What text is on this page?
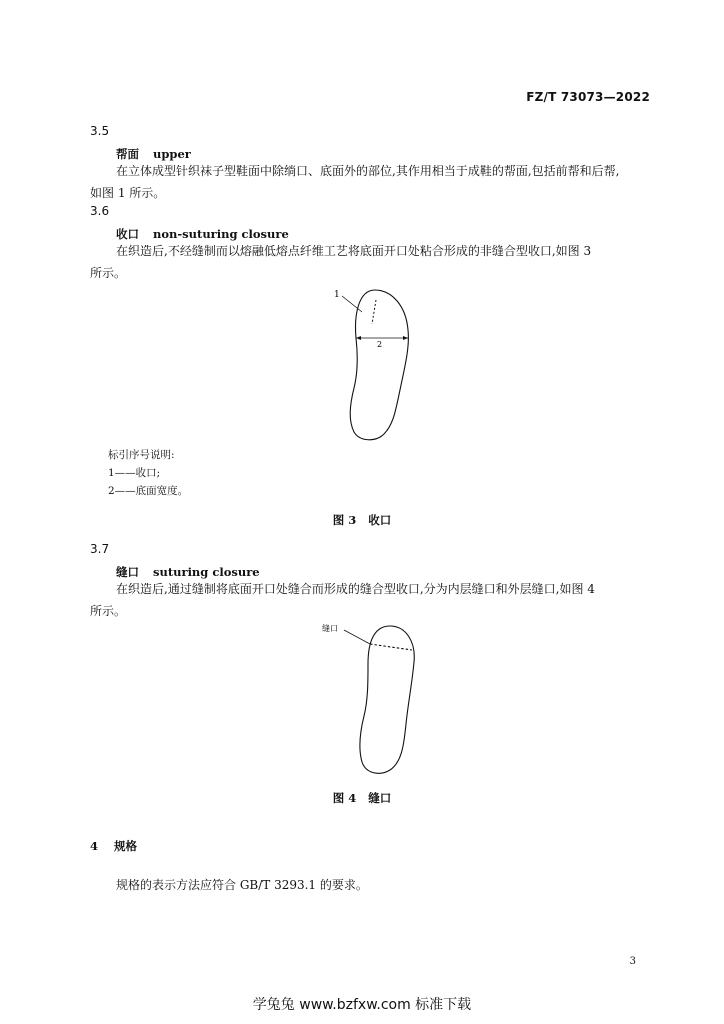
FZ/T 73073—2022
3.5
帮面 upper
在立体成型针织袜子型鞋面中除绱口、底面外的部位,其作用相当于成鞋的帮面,包括前帮和后帮,
如图 1 所示。
3.6
收口 non-suturing closure
在织造后,不经缝制而以熔融低熔点纤维工艺将底面开口处粘合形成的非缝合型收口,如图 3
所示。
1
2
标引序号说明:
1——收口;
2——底面宽度。
图 3 收口
3.7
缝口 suturing closure
在织造后,通过缝制将底面开口处缝合而形成的缝合型收口,分为内层缝口和外层缝口,如图 4
所示。
缝口
图 4 缝口
4 规格
规格的表示方法应符合 GB/T 3293.1 的要求。
3
学兔兔 www.bzfxw.com 标准下载
